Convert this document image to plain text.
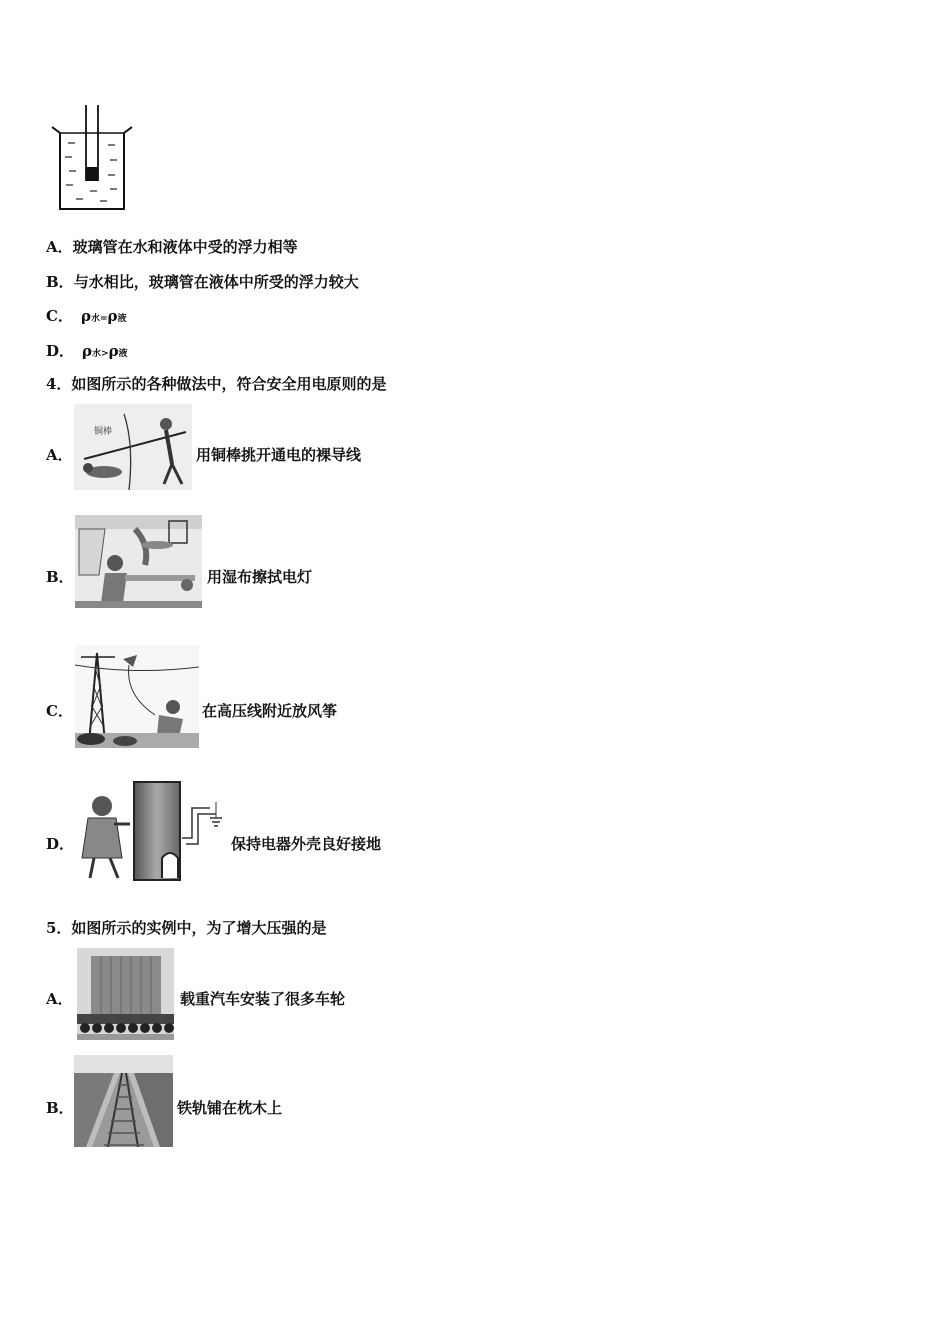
A．玻璃管在水和液体中受的浮力相等
B．与水相比，玻璃管在液体中所受的浮力较大
C． ρ水=ρ液
D． ρ水>ρ液
4．如图所示的各种做法中，符合安全用电原则的是
A．
铜棒
用铜棒挑开通电的裸导线
B．	用湿布擦拭电灯
C．	在高压线附近放风筝
D．	保持电器外壳良好接地
5．如图所示的实例中，为了增大压强的是
A．	载重汽车安装了很多车轮
B．	铁轨铺在枕木上
